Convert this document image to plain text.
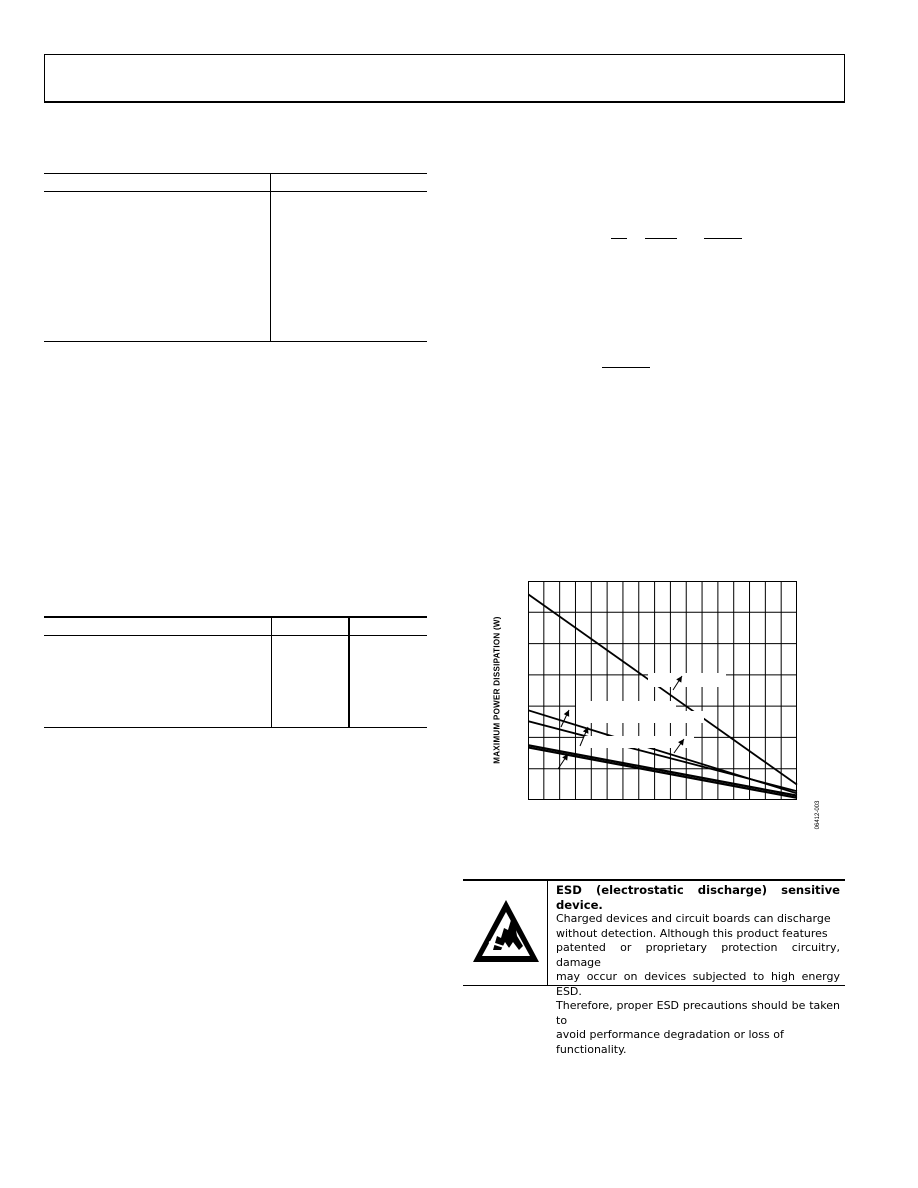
MAXIMUM POWER DISSIPATION (W)
06412-003
ESD (electrostatic discharge) sensitive device.
Charged devices and circuit boards can discharge
without detection. Although this product features
patented or proprietary protection circuitry, damage
may occur on devices subjected to high energy ESD.
Therefore, proper ESD precautions should be taken to
avoid performance degradation or loss of functionality.
